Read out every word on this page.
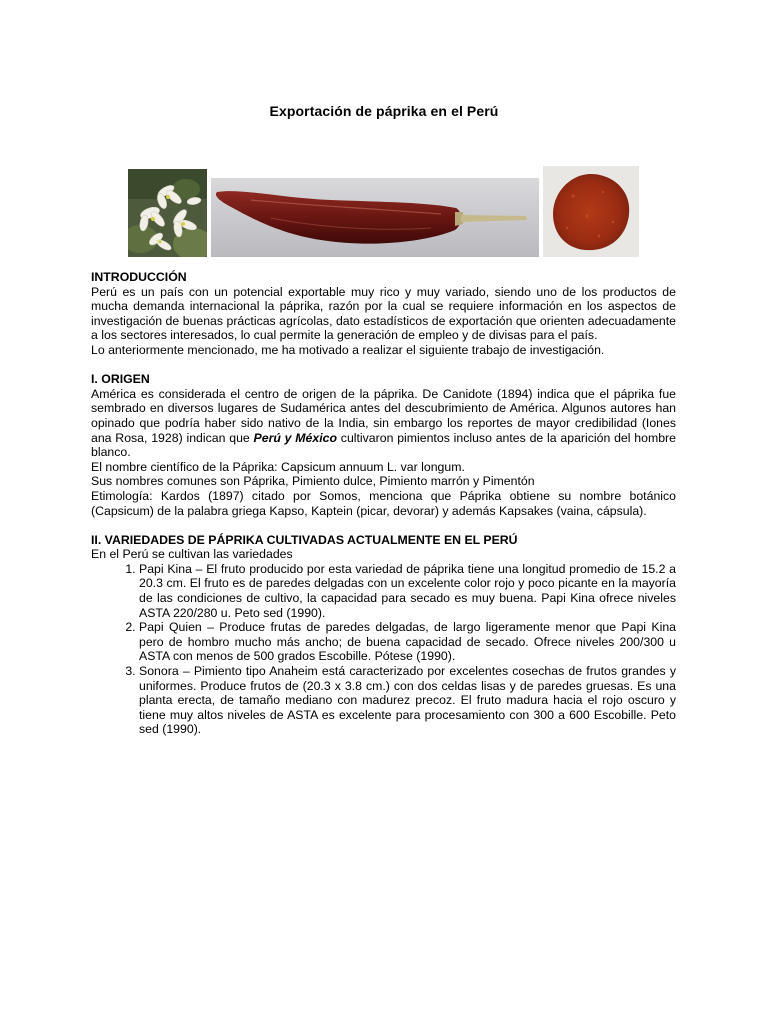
Exportación de páprika en el Perú
INTRODUCCIÓN

Perú es un país con un potencial exportable muy rico y muy variado, siendo uno de los productos de mucha demanda internacional la páprika, razón por la cual se requiere información en los aspectos de investigación de buenas prácticas agrícolas, dato estadísticos de exportación que orienten adecuadamente a los sectores interesados, lo cual permite la generación de empleo y de divisas para el país.

Lo anteriormente mencionado, me ha motivado a realizar el siguiente trabajo de investigación.

I. ORIGEN

América es considerada el centro de origen de la páprika. De Canidote (1894) indica que el páprika fue sembrado en diversos lugares de Sudamérica antes del descubrimiento de América. Algunos autores han opinado que podría haber sido nativo de la India, sin embargo los reportes de mayor credibilidad (Iones ana Rosa, 1928) indican que Perú y México cultivaron pimientos incluso antes de la aparición del hombre blanco.

El nombre científico de la Páprika: Capsicum annuum L. var longum.

Sus nombres comunes son Páprika, Pimiento dulce, Pimiento marrón y Pimentón

Etimología: Kardos (1897) citado por Somos, menciona que Páprika obtiene su nombre botánico (Capsicum) de la palabra griega Kapso, Kaptein (picar, devorar) y además Kapsakes (vaina, cápsula).

II. VARIEDADES DE PÁPRIKA CULTIVADAS ACTUALMENTE EN EL PERÚ

En el Perú se cultivan las variedades

1. Papi Kina – El fruto producido por esta variedad de páprika tiene una longitud promedio de 15.2 a 20.3 cm. El fruto es de paredes delgadas con un excelente color rojo y poco picante en la mayoría de las condiciones de cultivo, la capacidad para secado es muy buena. Papi Kina ofrece niveles ASTA 220/280 u. Peto sed (1990).
2. Papi Quien – Produce frutas de paredes delgadas, de largo ligeramente menor que Papi Kina pero de hombro mucho más ancho; de buena capacidad de secado. Ofrece niveles 200/300 u ASTA con menos de 500 grados Escobille. Pótese (1990).
3. Sonora – Pimiento tipo Anaheim está caracterizado por excelentes cosechas de frutos grandes y uniformes. Produce frutos de (20.3 x 3.8 cm.) con dos celdas lisas y de paredes gruesas. Es una planta erecta, de tamaño mediano con madurez precoz. El fruto madura hacia el rojo oscuro y tiene muy altos niveles de ASTA es excelente para procesamiento con 300 a 600 Escobille. Peto sed (1990).
